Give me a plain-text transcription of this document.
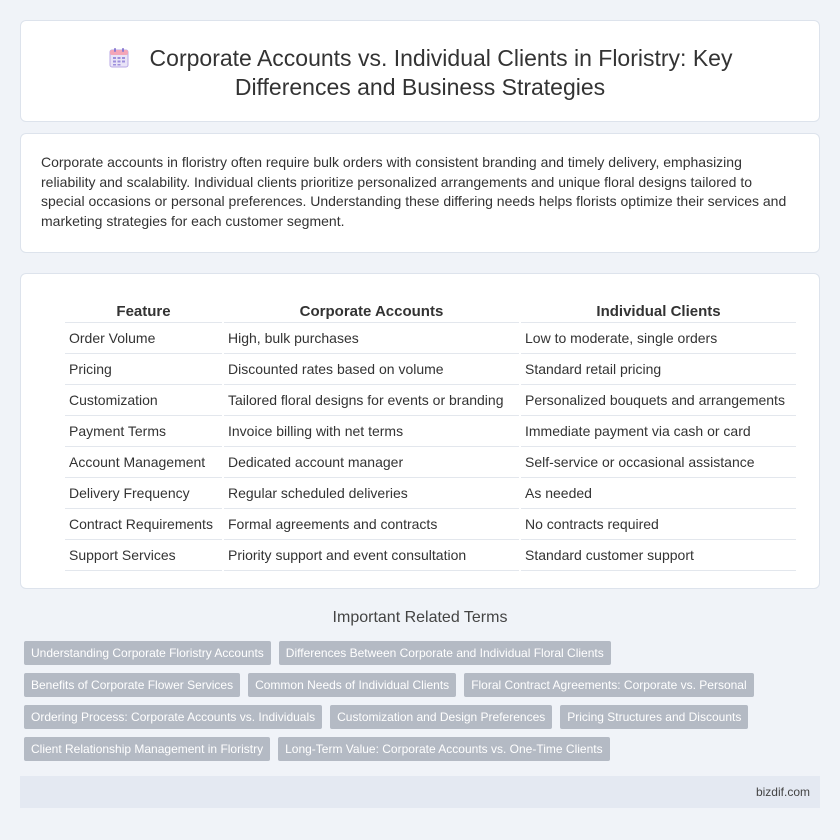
Corporate Accounts vs. Individual Clients in Floristry: Key
Differences and Business Strategies

Corporate accounts in floristry often require bulk orders with consistent branding and timely delivery, emphasizing reliability and scalability. Individual clients prioritize personalized arrangements and unique floral designs tailored to special occasions or personal preferences. Understanding these differing needs helps florists optimize their services and marketing strategies for each customer segment.

Feature	Corporate Accounts	Individual Clients
Order Volume	High, bulk purchases	Low to moderate, single orders
Pricing	Discounted rates based on volume	Standard retail pricing
Customization	Tailored floral designs for events or branding	Personalized bouquets and arrangements
Payment Terms	Invoice billing with net terms	Immediate payment via cash or card
Account Management	Dedicated account manager	Self-service or occasional assistance
Delivery Frequency	Regular scheduled deliveries	As needed
Contract Requirements	Formal agreements and contracts	No contracts required
Support Services	Priority support and event consultation	Standard customer support
Important Related Terms
Understanding Corporate Floristry Accounts	Differences Between Corporate and Individual Floral Clients
Benefits of Corporate Flower Services	Common Needs of Individual Clients	Floral Contract Agreements: Corporate vs. Personal
Ordering Process: Corporate Accounts vs. Individuals	Customization and Design Preferences	Pricing Structures and Discounts
Client Relationship Management in Floristry	Long-Term Value: Corporate Accounts vs. One-Time Clients
bizdif.com
